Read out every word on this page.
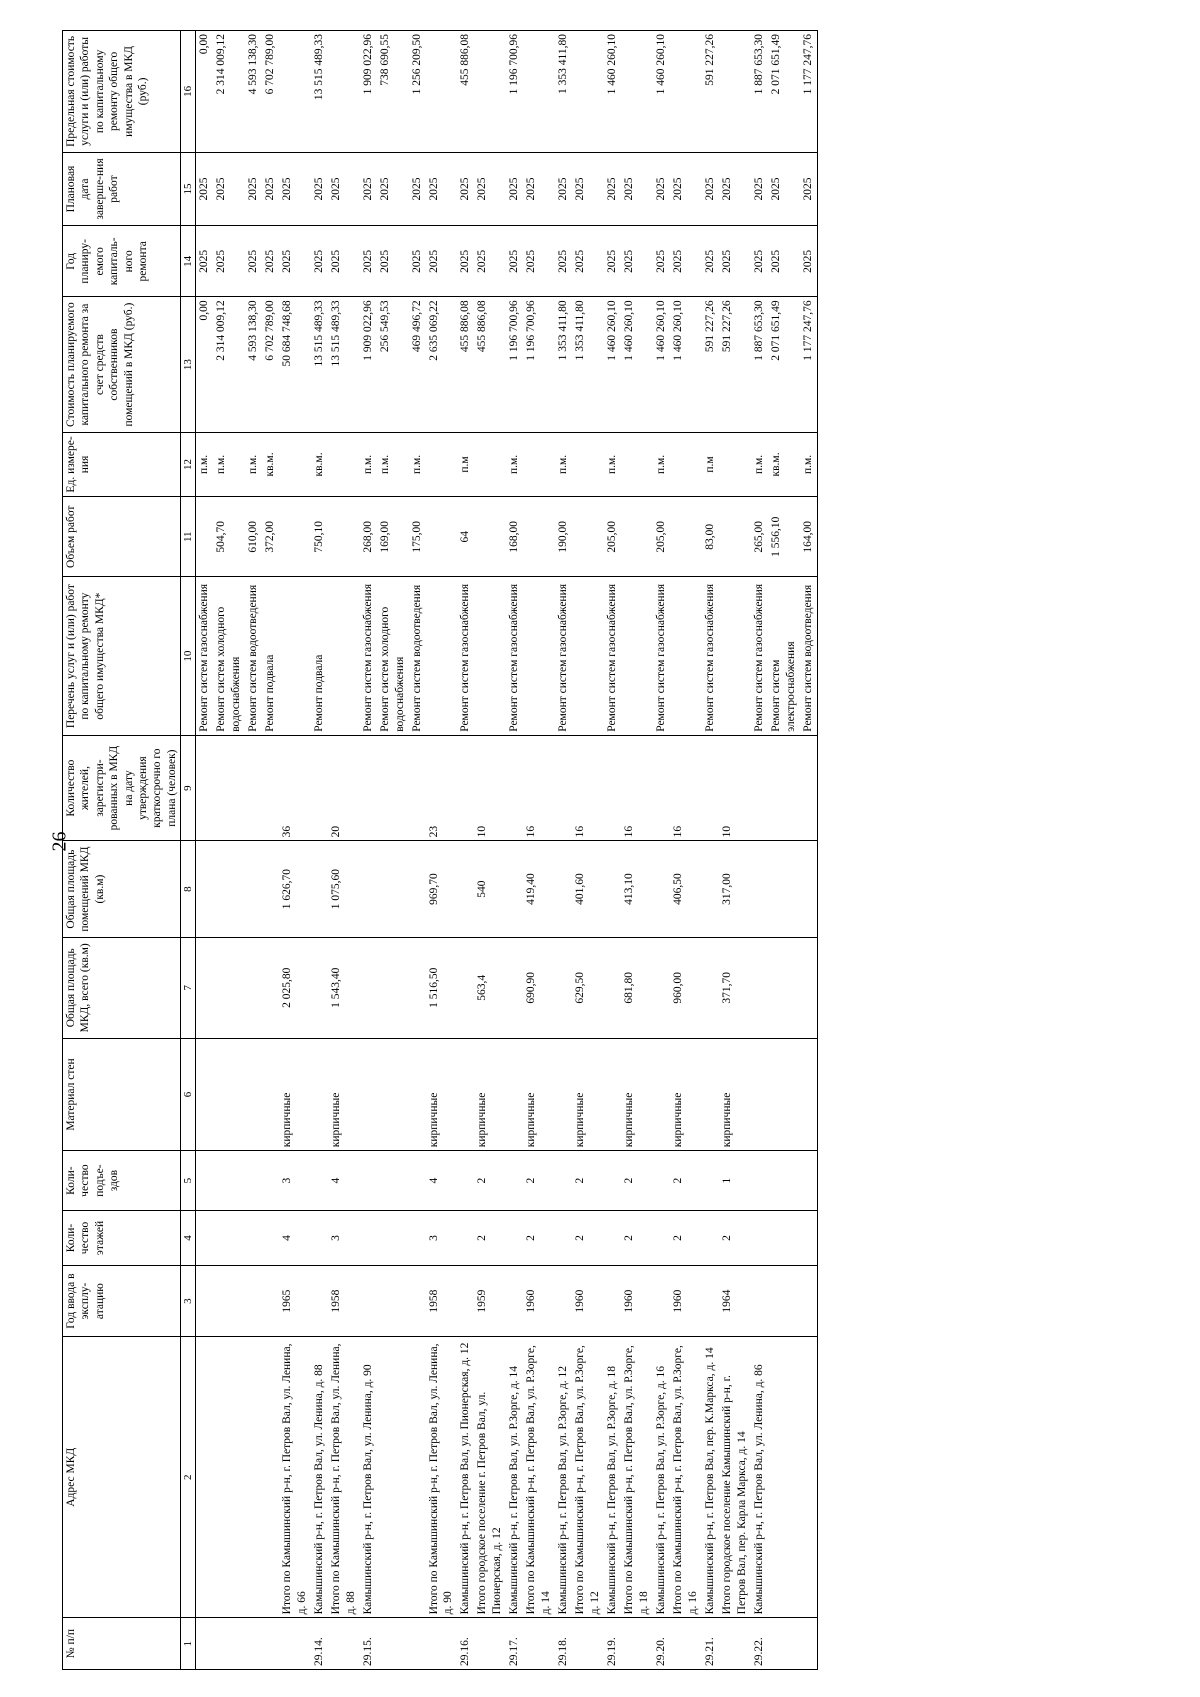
26
№ п/п	Адрес МКД	Год ввода в эксплу-атацию	Коли-чество этажей	Коли-чество подъе-здов	Материал стен	Общая площадь МКД, всего (кв.м)	Общая площадь помещений МКД (кв.м)	Количество жителей, зарегистри-рованных в МКД на дату утверждения краткосрочно го плана (человек)	Перечень услуг и (или) работ по капитальному ремонту общего имущества МКД*	Объем работ	Ед. измере-ния	Стоимость планируемого капитального ремонта за счет средств собственников помещений в МКД (руб.)	Год планиру-емого капиталь-ного ремонта	Плановая дата заверше-ния работ	Предельная стоимость услуги и (или) работы по капитальному ремонту общего имущества в МКД (руб.)
1	2	3	4	5	6	7	8	9	10	11	12	13	14	15	16

									Ремонт систем газоснабжения		п.м.	0,00	2025	2025	0,00

									Ремонт систем холодного водоснабжения	504,70	п.м.	2 314 009,12	2025	2025	2 314 009,12

									Ремонт систем водоотведения	610,00	п.м.	4 593 138,30	2025	2025	4 593 138,30

									Ремонт подвала	372,00	кв.м.	6 702 789,00	2025	2025	6 702 789,00
	Итого по Камышинский р-н, г. Петров Вал, ул. Ленина, д. 66	1965	4	3	кирпичные	2 025,80	1 626,70	36				50 684 748,68	2025	2025	
29.14.	Камышинский р-н, г. Петров Вал, ул. Ленина, д. 88								Ремонт подвала	750,10	кв.м.	13 515 489,33	2025	2025	13 515 489,33
	Итого по Камышинский р-н, г. Петров Вал, ул. Ленина, д. 88	1958	3	4	кирпичные	1 543,40	1 075,60	20				13 515 489,33	2025	2025	
29.15.	Камышинский р-н, г. Петров Вал, ул. Ленина, д. 90								Ремонт систем газоснабжения	268,00	п.м.	1 909 022,96	2025	2025	1 909 022,96

									Ремонт систем холодного водоснабжения	169,00	п.м.	256 549,53	2025	2025	738 690,55

									Ремонт систем водоотведения	175,00	п.м.	469 496,72	2025	2025	1 256 209,50
	Итого по Камышинский р-н, г. Петров Вал, ул. Ленина, д. 90	1958	3	4	кирпичные	1 516,50	969,70	23				2 635 069,22	2025	2025	
29.16.	Камышинский р-н, г. Петров Вал, ул. Пионерская, д. 12								Ремонт систем газоснабжения	64	п.м	455 886,08	2025	2025	455 886,08
	Итого городское поселение г. Петров Вал, ул. Пионерская, д. 12	1959	2	2	кирпичные	563,4	540	10				455 886,08	2025	2025	
29.17.	Камышинский р-н, г. Петров Вал, ул. Р.Зорге, д. 14								Ремонт систем газоснабжения	168,00	п.м.	1 196 700,96	2025	2025	1 196 700,96
	Итого по Камышинский р-н, г. Петров Вал, ул. Р.Зорге, д. 14	1960	2	2	кирпичные	690,90	419,40	16				1 196 700,96	2025	2025	
29.18.	Камышинский р-н, г. Петров Вал, ул. Р.Зорге, д. 12								Ремонт систем газоснабжения	190,00	п.м.	1 353 411,80	2025	2025	1 353 411,80
	Итого по Камышинский р-н, г. Петров Вал, ул. Р.Зорге, д. 12	1960	2	2	кирпичные	629,50	401,60	16				1 353 411,80	2025	2025	
29.19.	Камышинский р-н, г. Петров Вал, ул. Р.Зорге, д. 18								Ремонт систем газоснабжения	205,00	п.м.	1 460 260,10	2025	2025	1 460 260,10
	Итого по Камышинский р-н, г. Петров Вал, ул. Р.Зорге, д. 18	1960	2	2	кирпичные	681,80	413,10	16				1 460 260,10	2025	2025	
29.20.	Камышинский р-н, г. Петров Вал, ул. Р.Зорге, д. 16								Ремонт систем газоснабжения	205,00	п.м.	1 460 260,10	2025	2025	1 460 260,10
	Итого по Камышинский р-н, г. Петров Вал, ул. Р.Зорге, д. 16	1960	2	2	кирпичные	960,00	406,50	16				1 460 260,10	2025	2025	
29.21.	Камышинский р-н, г. Петров Вал, пер. К.Маркса, д. 14								Ремонт систем газоснабжения	83,00	п.м	591 227,26	2025	2025	591 227,26
	Итого городское поселение Камышинский р-н, г. Петров Вал, пер. Карла Маркса, д. 14	1964	2	1	кирпичные	371,70	317,00	10				591 227,26	2025	2025	
29.22.	Камышинский р-н, г. Петров Вал, ул. Ленина, д. 86								Ремонт систем газоснабжения	265,00	п.м.	1 887 653,30	2025	2025	1 887 653,30

									Ремонт систем электроснабжения	1 556,10	кв.м.	2 071 651,49	2025	2025	2 071 651,49

									Ремонт систем водоотведения	164,00	п.м.	1 177 247,76	2025	2025	1 177 247,76
